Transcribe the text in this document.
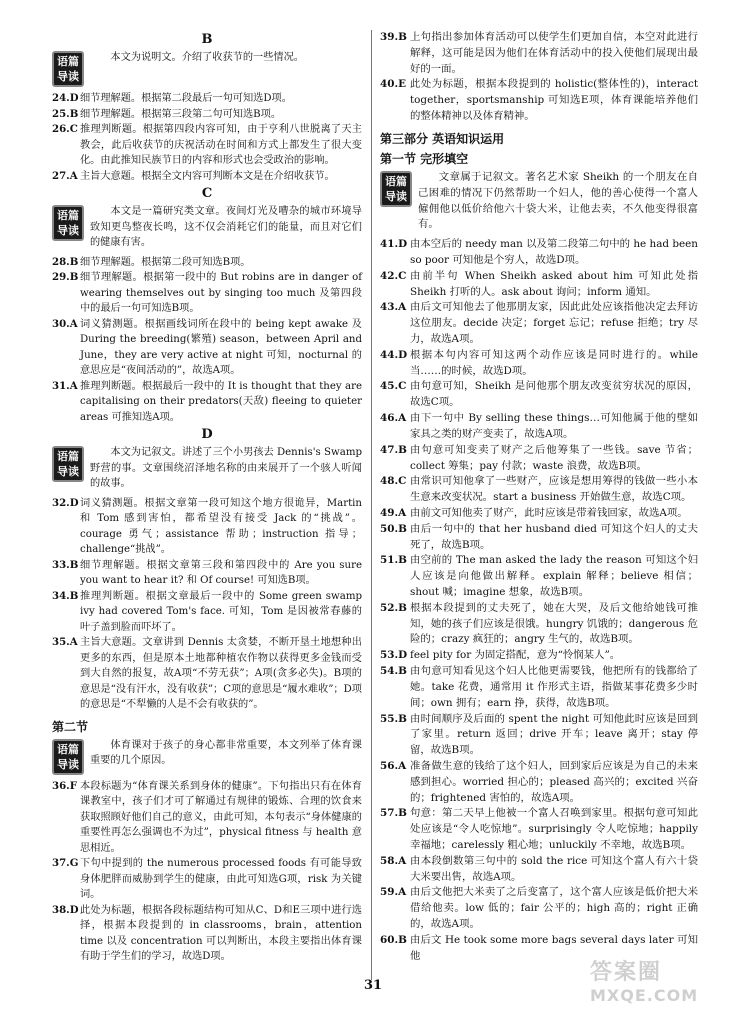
B
语篇
导读
本文为说明文。介绍了收获节的一些情况。
24.D 细节理解题。根据第二段最后一句可知选D项。
25.B 细节理解题。根据第三段第二句可知选B项。
26.C 推理判断题。根据第四段内容可知，由于亨利八世脱离了天主教会，此后收获节的庆祝活动在时间和方式上都发生了很大变化。由此推知民族节日的内容和形式也会受政治的影响。
27.A 主旨大意题。根据全文内容可判断本文是在介绍收获节。
C
语篇
导读
本文是一篇研究类文章。夜间灯光及嘈杂的城市环境导致知更鸟整夜长鸣，这不仅会消耗它们的能量，而且对它们的健康有害。
28.B 细节理解题。根据第二段可知选B项。
29.B 细节理解题。根据第一段中的 But robins are in danger of wearing themselves out by singing too much 及第四段中的最后一句可知选B项。
30.A 词义猜测题。根据画线词所在段中的 being kept awake 及 During the breeding(繁殖) season，between April and June，they are very active at night 可知，nocturnal 的意思应是“夜间活动的”，故选A项。
31.A 推理判断题。根据最后一段中的 It is thought that they are capitalising on their predators(天敌) fleeing to quieter areas 可推知选A项。
D
语篇
导读
本文为记叙文。讲述了三个小男孩去 Dennis's Swamp 野营的事。文章围绕沼泽地名称的由来展开了一个骇人听闻的故事。
32.D 词义猜测题。根据文章第一段可知这个地方很诡异，Martin 和 Tom 感到害怕，都希望没有接受 Jack 的“挑战”。courage 勇气；assistance 帮助；instruction 指导；challenge“挑战”。
33.B 细节理解题。根据文章第三段和第四段中的 Are you sure you want to hear it? 和 Of course! 可知选B项。
34.B 推理判断题。根据文章最后一段中的 Some green swamp ivy had covered Tom's face. 可知，Tom 是因被常春藤的叶子盖到脸而吓坏了。
35.A 主旨大意题。文章讲到 Dennis 太贪婪，不断开垦土地想种出更多的东西，但是原本土地都种植农作物以获得更多金钱而受到大自然的报复，故A项“不劳无获”；A项(贪多必失)。B项的意思是“没有汗水，没有收获”；C项的意思是“履水难收”；D项的意思是“不犁懒的人是不会有收获的”。
第二节
语篇
导读
体育课对于孩子的身心都非常重要，本文列举了体育课重要的几个原因。
36.F 本段标题为“体育课关系到身体的健康”。下句指出只有在体育课教室中，孩子们才可了解通过有规律的锻炼、合理的饮食来获取照顾好他们自己的意义，由此可知，本句表示“身体健康的重要性再怎么强调也不为过”，physical fitness 与 health 意思相近。
37.G 下句中提到的 the numerous processed foods 有可能导致身体肥胖而威胁到学生的健康，由此可知选G项，risk 为关键词。
38.D 此处为标题，根据各段标题结构可知从C、D和E三项中进行选择，根据本段提到的 in classrooms，brain，attention time 以及 concentration 可以判断出，本段主要指出体育课有助于学生们的学习，故选D项。
39.B 上句指出参加体育活动可以使学生们更加自信，本空对此进行解释，这可能是因为他们在体育活动中的投入使他们展现出最好的一面。
40.E 此处为标题，根据本段提到的 holistic(整体性的)，interact together，sportsmanship 可知选E项，体育课能培养他们的整体精神以及体育精神。
第三部分 英语知识运用
第一节 完形填空
语篇
导读
文章属于记叙文。著名艺术家 Sheikh 的一个朋友在自己困难的情况下仍然帮助一个妇人，他的善心使得一个富人僱佣他以低价给他六十袋大米，让他去卖，不久他变得很富有。
41.D 由本空后的 needy man 以及第二段第二句中的 he had been so poor 可知他是个穷人，故选D项。
42.C 由前半句 When Sheikh asked about him 可知此处指 Sheikh 打听的人。ask about 询问；inform 通知。
43.A 由后文可知他去了他那朋友家，因此此处应该指他决定去拜访这位朋友。decide 决定；forget 忘记；refuse 拒绝；try 尽力，故选A项。
44.D 根据本句内容可知这两个动作应该是同时进行的。while 当……的时候，故选D项。
45.C 由句意可知，Sheikh 是问他那个朋友改变贫穷状况的原因，故选C项。
46.A 由下一句中 By selling these things…可知他属于他的壁如家具之类的财产变卖了，故选A项。
47.B 由句意可知变卖了财产之后他筹集了一些钱。save 节省；collect 筹集；pay 付款；waste 浪费，故选B项。
48.C 由常识可知他拿了一些财产，应该是想用筹得的钱做一些小本生意来改变状况。start a business 开始做生意，故选C项。
49.A 由前文可知他卖了财产，此时应该是带着钱回家，故选A项。
50.B 由后一句中的 that her husband died 可知这个妇人的丈夫死了，故选B项。
51.B 由空前的 The man asked the lady the reason 可知这个妇人应该是向他做出解释。explain 解释；believe 相信；shout 喊；imagine 想象，故选B项。
52.B 根据本段提到的丈夫死了，她在大哭，及后文他给她钱可推知，她的孩子们应该是很饿。hungry 饥饿的；dangerous 危险的；crazy 疯狂的；angry 生气的，故选B项。
53.D feel pity for 为固定搭配，意为“怜悯某人”。
54.B 由句意可知看见这个妇人比他更需要钱，他把所有的钱都给了她。take 花费，通常用 it 作形式主语，指做某事花费多少时间；own 拥有；earn 挣，获得，故选B项。
55.B 由时间顺序及后面的 spent the night 可知他此时应该是回到了家里。return 返回；drive 开车；leave 离开；stay 停留，故选B项。
56.A 准备做生意的钱给了这个妇人，回到家后应该是为自己的未来感到担心。worried 担心的；pleased 高兴的；excited 兴奋的；frightened 害怕的，故选A项。
57.B 句意：第二天早上他被一个富人召唤到家里。根据句意可知此处应该是“令人吃惊地”。surprisingly 令人吃惊地；happily 幸福地；carelessly 粗心地；unluckily 不幸地，故选B项。
58.A 由本段倒数第三句中的 sold the rice 可知这个富人有六十袋大米要出售，故选A项。
59.A 由后文他把大米卖了之后变富了，这个富人应该是低价把大米借给他卖。low 低的；fair 公平的；high 高的；right 正确的，故选A项。
60.B 由后文 He took some more bags several days later 可知他
31
答案圈
MXQE.COM
